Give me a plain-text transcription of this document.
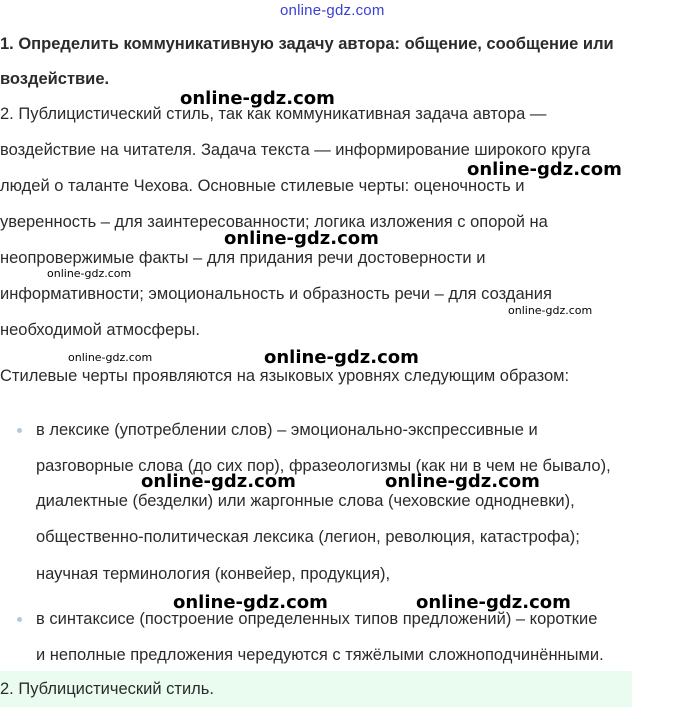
online-gdz.com
1. Определить коммуникативную задачу автора: общение, сообщение или
воздействие.
2. Публицистический стиль, так как коммуникативная задача автора —
воздействие на читателя. Задача текста — информирование широкого круга
людей о таланте Чехова. Основные стилевые черты: оценочность и
уверенность – для заинтересованности; логика изложения с опорой на
неопровержимые факты – для придания речи достоверности и
информативности; эмоциональность и образность речи – для создания
необходимой атмосферы.
Стилевые черты проявляются на языковых уровнях следующим образом:
в лексике (употреблении слов) – эмоционально-экспрессивные и
разговорные слова (до сих пор), фразеологизмы (как ни в чем не бывало),
диалектные (безделки) или жаргонные слова (чеховские однодневки),
общественно-политическая лексика (легион, революция, катастрофа);
научная терминология (конвейер, продукция),
в синтаксисе (построение определенных типов предложений) – короткие
и неполные предложения чередуются с тяжёлыми сложноподчинёнными.
2. Публицистический стиль.
online-gdz.com
online-gdz.com
online-gdz.com
online-gdz.com
online-gdz.com
online-gdz.com	online-gdz.com
online-gdz.com	online-gdz.com
online-gdz.com	online-gdz.com
